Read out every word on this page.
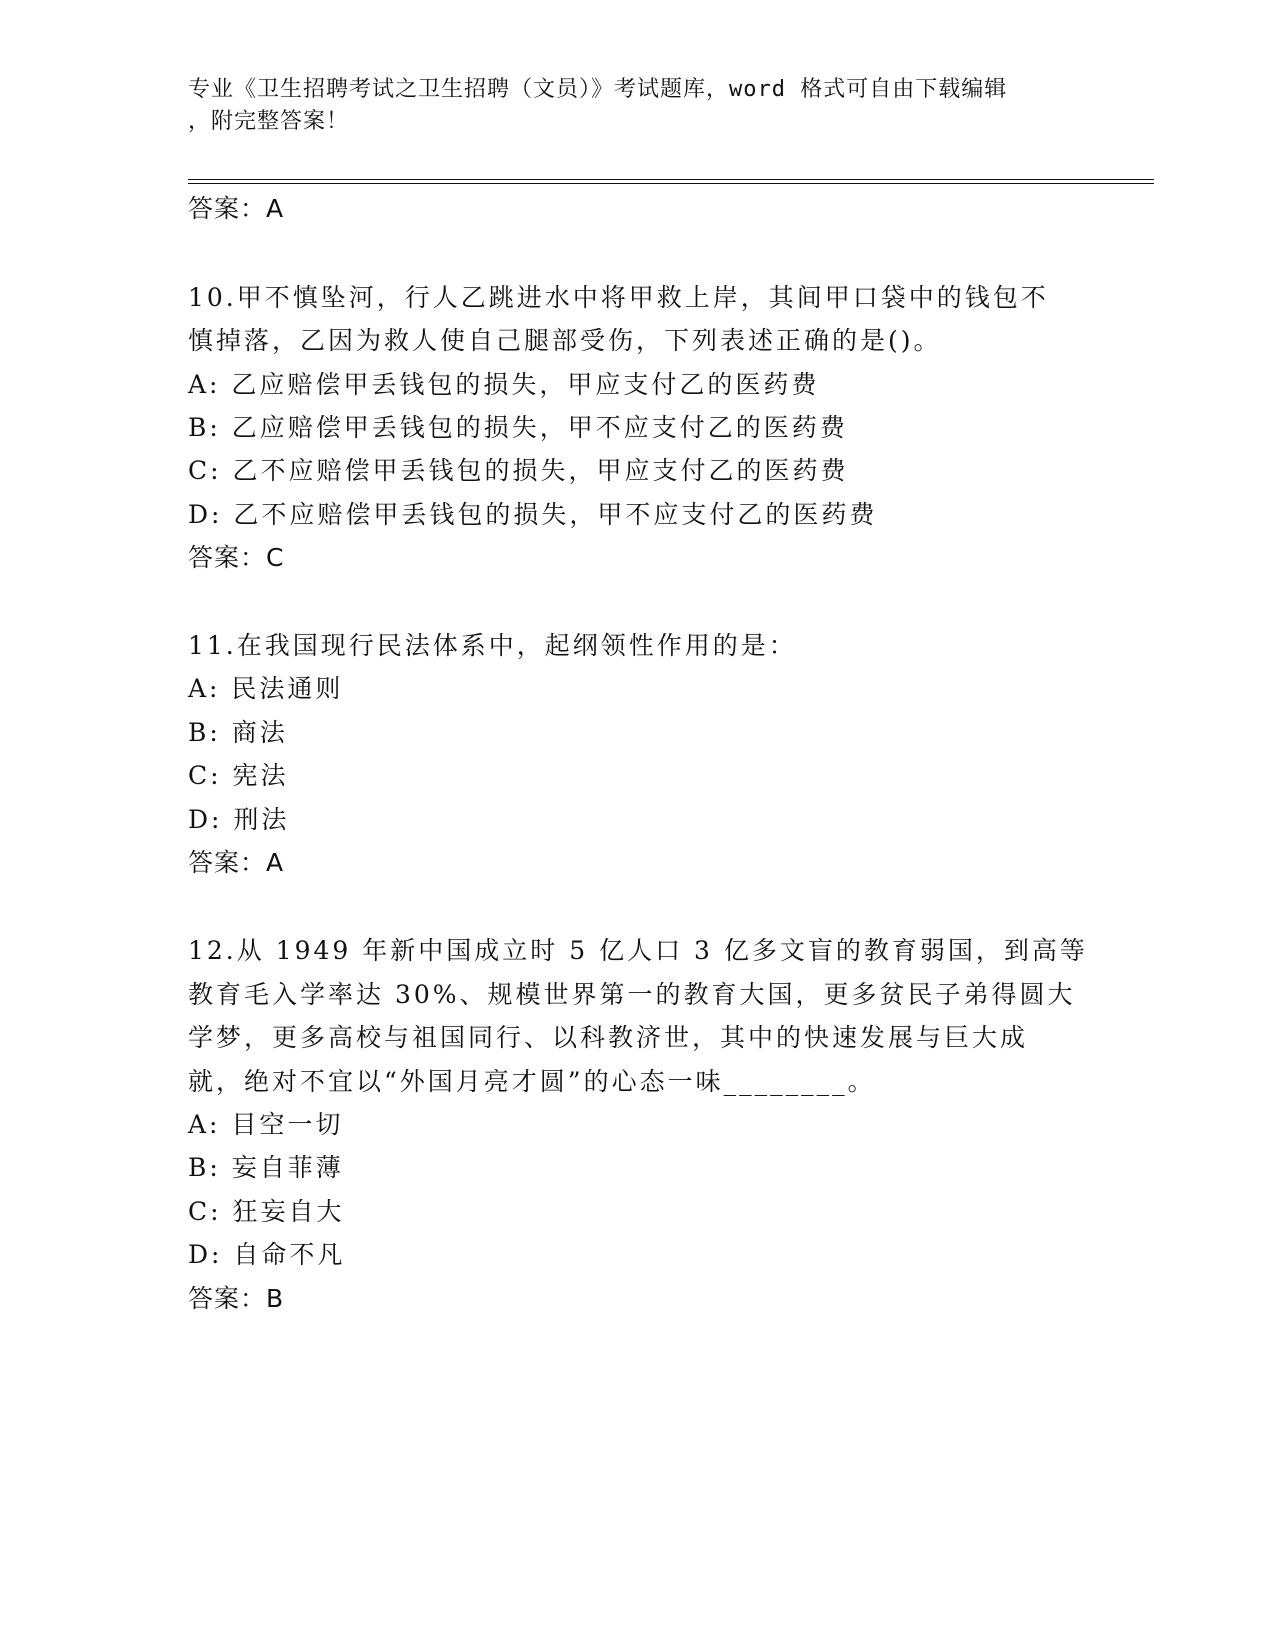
专业《卫生招聘考试之卫生招聘（文员）》考试题库，word 格式可自由下载编辑
，附完整答案！
答案：A
10.甲不慎坠河，行人乙跳进水中将甲救上岸，其间甲口袋中的钱包不
慎掉落，乙因为救人使自己腿部受伤，下列表述正确的是()。
A: 乙应赔偿甲丢钱包的损失，甲应支付乙的医药费
B: 乙应赔偿甲丢钱包的损失，甲不应支付乙的医药费
C: 乙不应赔偿甲丢钱包的损失，甲应支付乙的医药费
D: 乙不应赔偿甲丢钱包的损失，甲不应支付乙的医药费
答案：C
11.在我国现行民法体系中，起纲领性作用的是：
A: 民法通则
B: 商法
C: 宪法
D: 刑法
答案：A
12.从 1949 年新中国成立时 5 亿人口 3 亿多文盲的教育弱国，到高等
教育毛入学率达 30%、规模世界第一的教育大国，更多贫民子弟得圆大
学梦，更多高校与祖国同行、以科教济世，其中的快速发展与巨大成
就，绝对不宜以“外国月亮才圆”的心态一味________。
A: 目空一切
B: 妄自菲薄
C: 狂妄自大
D: 自命不凡
答案：B
